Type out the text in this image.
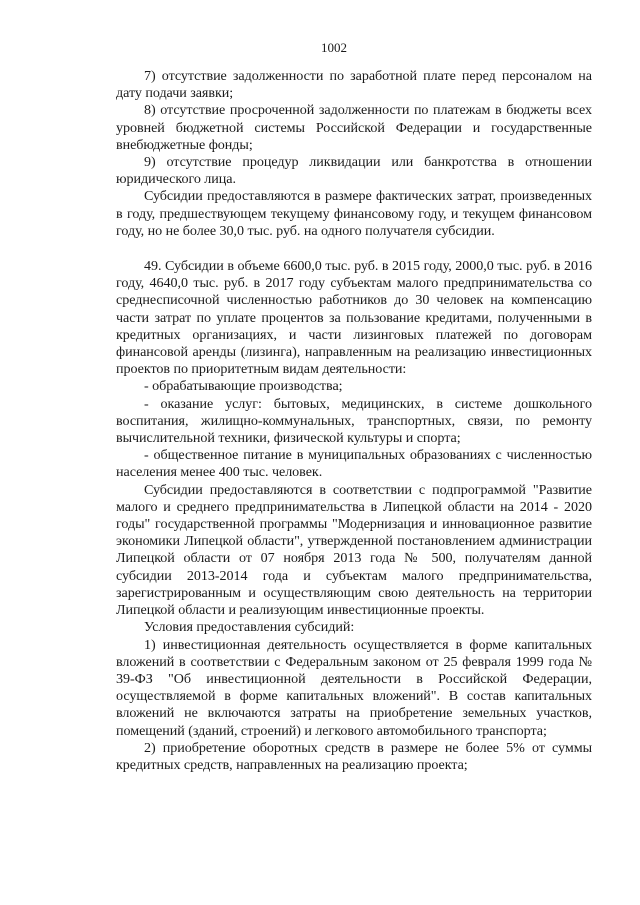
1002

7) отсутствие задолженности по заработной плате перед персоналом на дату подачи заявки;

8) отсутствие просроченной задолженности по платежам в бюджеты всех уровней бюджетной системы Российской Федерации и государственные внебюджетные фонды;

9) отсутствие процедур ликвидации или банкротства в отношении юридического лица.

Субсидии предоставляются в размере фактических затрат, произведенных в году, предшествующем текущему финансовому году, и текущем финансовом году, но не более 30,0 тыс. руб. на одного получателя субсидии.

49. Субсидии в объеме 6600,0 тыс. руб. в 2015 году, 2000,0 тыс. руб. в 2016 году, 4640,0 тыс. руб. в 2017 году субъектам малого предпринимательства со среднесписочной численностью работников до 30 человек на компенсацию части затрат по уплате процентов за пользование кредитами, полученными в кредитных организациях, и части лизинговых платежей по договорам финансовой аренды (лизинга), направленным на реализацию инвестиционных проектов по приоритетным видам деятельности:

- обрабатывающие производства;

- оказание услуг: бытовых, медицинских, в системе дошкольного воспитания, жилищно-коммунальных, транспортных, связи, по ремонту вычислительной техники, физической культуры и спорта;

- общественное питание в муниципальных образованиях с численностью населения менее 400 тыс. человек.

Субсидии предоставляются в соответствии с подпрограммой "Развитие малого и среднего предпринимательства в Липецкой области на 2014 - 2020 годы" государственной программы "Модернизация и инновационное развитие экономики Липецкой области", утвержденной постановлением администрации Липецкой области от 07 ноября 2013 года № 500, получателям данной субсидии 2013-2014 года и субъектам малого предпринимательства, зарегистрированным и осуществляющим свою деятельность на территории Липецкой области и реализующим инвестиционные проекты.

Условия предоставления субсидий:

1) инвестиционная деятельность осуществляется в форме капитальных вложений в соответствии с Федеральным законом от 25 февраля 1999 года № 39-ФЗ "Об инвестиционной деятельности в Российской Федерации, осуществляемой в форме капитальных вложений". В состав капитальных вложений не включаются затраты на приобретение земельных участков, помещений (зданий, строений) и легкового автомобильного транспорта;

2) приобретение оборотных средств в размере не более 5% от суммы кредитных средств, направленных на реализацию проекта;
